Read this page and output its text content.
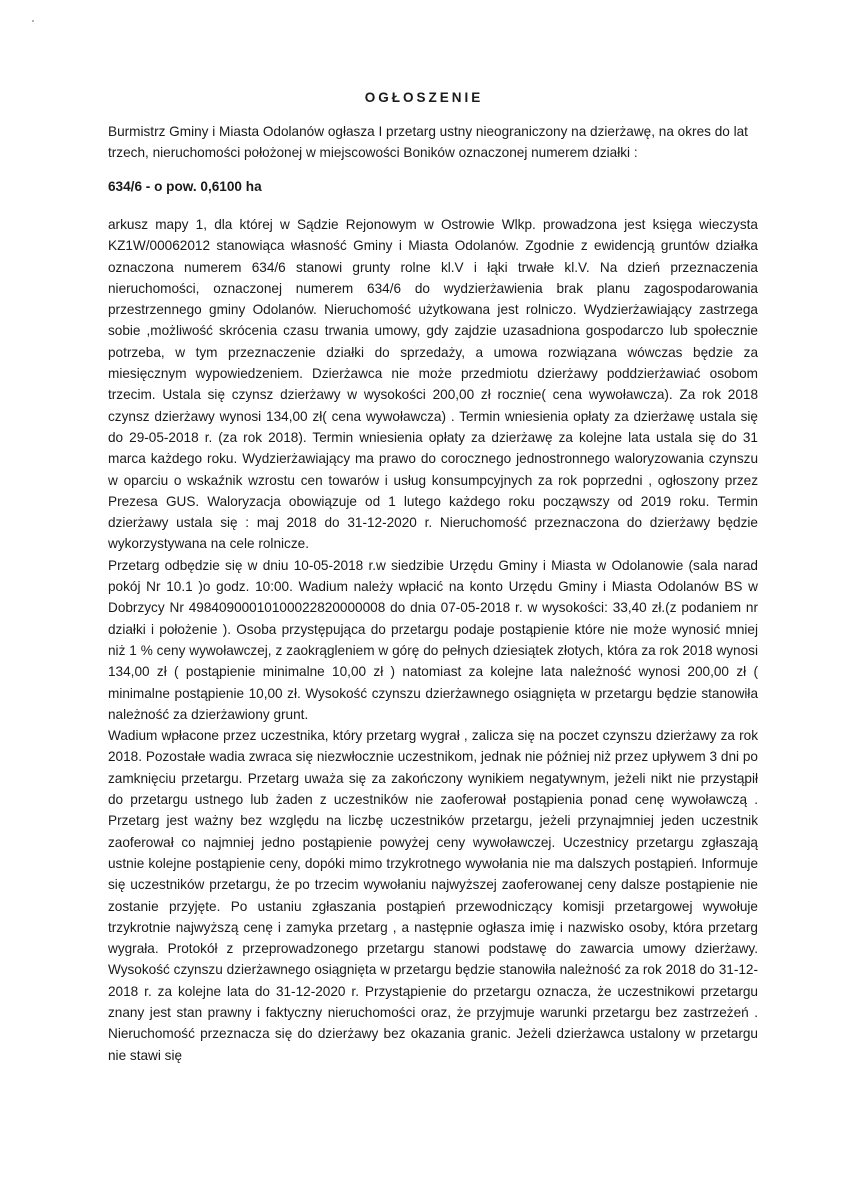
OGŁOSZENIE

Burmistrz Gminy i Miasta Odolanów ogłasza I przetarg ustny nieograniczony na dzierżawę, na okres do lat trzech, nieruchomości położonej w miejscowości Boników oznaczonej numerem działki :

634/6 - o pow. 0,6100 ha

arkusz mapy 1, dla której w Sądzie Rejonowym w Ostrowie Wlkp. prowadzona jest księga wieczysta KZ1W/00062012 stanowiąca własność Gminy i Miasta Odolanów. Zgodnie z ewidencją gruntów działka oznaczona numerem 634/6 stanowi grunty rolne kl.V i łąki trwałe kl.V. Na dzień przeznaczenia nieruchomości, oznaczonej numerem 634/6 do wydzierżawienia brak planu zagospodarowania przestrzennego gminy Odolanów. Nieruchomość użytkowana jest rolniczo. Wydzierżawiający zastrzega sobie ,możliwość skrócenia czasu trwania umowy, gdy zajdzie uzasadniona gospodarczo lub społecznie potrzeba, w tym przeznaczenie działki do sprzedaży, a umowa rozwiązana wówczas będzie za miesięcznym wypowiedzeniem. Dzierżawca nie może przedmiotu dzierżawy poddzierżawiać osobom trzecim. Ustala się czynsz dzierżawy w wysokości 200,00 zł rocznie( cena wywoławcza). Za rok 2018 czynsz dzierżawy wynosi 134,00 zł( cena wywoławcza) . Termin wniesienia opłaty za dzierżawę ustala się do 29-05-2018 r. (za rok 2018). Termin wniesienia opłaty za dzierżawę za kolejne lata ustala się do 31 marca każdego roku. Wydzierżawiający ma prawo do corocznego jednostronnego waloryzowania czynszu w oparciu o wskaźnik wzrostu cen towarów i usług konsumpcyjnych za rok poprzedni , ogłoszony przez Prezesa GUS. Waloryzacja obowiązuje od 1 lutego każdego roku począwszy od 2019 roku. Termin dzierżawy ustala się : maj 2018 do 31-12-2020 r. Nieruchomość przeznaczona do dzierżawy będzie wykorzystywana na cele rolnicze.

Przetarg odbędzie się w dniu 10-05-2018 r.w siedzibie Urzędu Gminy i Miasta w Odolanowie (sala narad pokój Nr 10.1 )o godz. 10:00. Wadium należy wpłacić na konto Urzędu Gminy i Miasta Odolanów BS w Dobrzycy Nr 49840900010100022820000008 do dnia 07-05-2018 r. w wysokości: 33,40 zł.(z podaniem nr działki i położenie ). Osoba przystępująca do przetargu podaje postąpienie które nie może wynosić mniej niż 1 % ceny wywoławczej, z zaokrągleniem w górę do pełnych dziesiątek złotych, która za rok 2018 wynosi 134,00 zł ( postąpienie minimalne 10,00 zł ) natomiast za kolejne lata należność wynosi 200,00 zł ( minimalne postąpienie 10,00 zł. Wysokość czynszu dzierżawnego osiągnięta w przetargu będzie stanowiła należność za dzierżawiony grunt.

Wadium wpłacone przez uczestnika, który przetarg wygrał , zalicza się na poczet czynszu dzierżawy za rok 2018. Pozostałe wadia zwraca się niezwłocznie uczestnikom, jednak nie później niż przez upływem 3 dni po zamknięciu przetargu. Przetarg uważa się za zakończony wynikiem negatywnym, jeżeli nikt nie przystąpił do przetargu ustnego lub żaden z uczestników nie zaoferował postąpienia ponad cenę wywoławczą . Przetarg jest ważny bez względu na liczbę uczestników przetargu, jeżeli przynajmniej jeden uczestnik zaoferował co najmniej jedno postąpienie powyżej ceny wywoławczej. Uczestnicy przetargu zgłaszają ustnie kolejne postąpienie ceny, dopóki mimo trzykrotnego wywołania nie ma dalszych postąpień. Informuje się uczestników przetargu, że po trzecim wywołaniu najwyższej zaoferowanej ceny dalsze postąpienie nie zostanie przyjęte. Po ustaniu zgłaszania postąpień przewodniczący komisji przetargowej wywołuje trzykrotnie najwyższą cenę i zamyka przetarg , a następnie ogłasza imię i nazwisko osoby, która przetarg wygrała. Protokół z przeprowadzonego przetargu stanowi podstawę do zawarcia umowy dzierżawy. Wysokość czynszu dzierżawnego osiągnięta w przetargu będzie stanowiła należność za rok 2018 do 31-12-2018 r. za kolejne lata do 31-12-2020 r. Przystąpienie do przetargu oznacza, że uczestnikowi przetargu znany jest stan prawny i faktyczny nieruchomości oraz, że przyjmuje warunki przetargu bez zastrzeżeń . Nieruchomość przeznacza się do dzierżawy bez okazania granic. Jeżeli dzierżawca ustalony w przetargu nie stawi się
